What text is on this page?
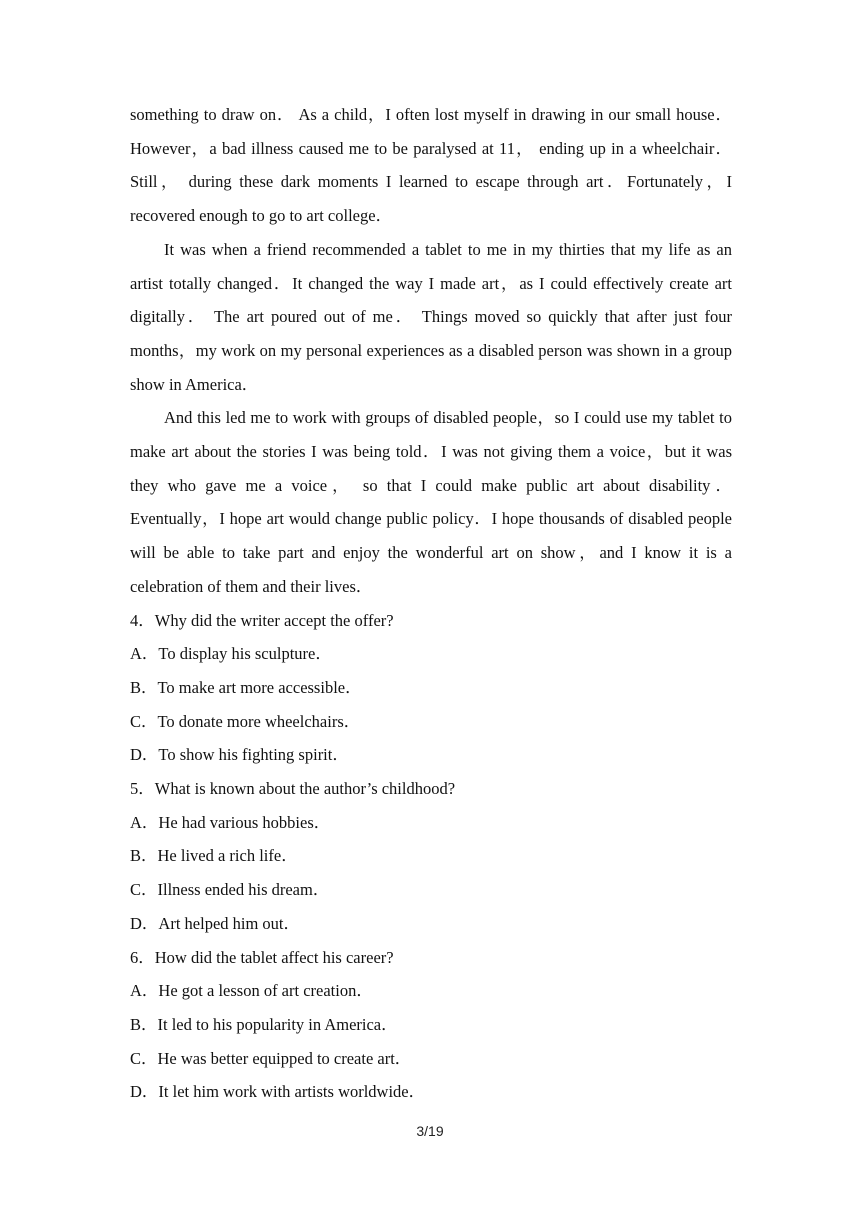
something to draw on． As a child，I often lost myself in drawing in our small house．However，a bad illness caused me to be paralysed at 11， ending up in a wheelchair． Still， during these dark moments I learned to escape through art．Fortunately，I recovered enough to go to art college．

It was when a friend recommended a tablet to me in my thirties that my life as an artist totally changed．It changed the way I made art，as I could effectively create art digitally． The art poured out of me． Things moved so quickly that after just four months，my work on my personal experiences as a disabled person was shown in a group show in America．

And this led me to work with groups of disabled people，so I could use my tablet to make art about the stories I was being told．I was not giving them a voice，but it was they who gave me a voice， so that I could make public art about disability．Eventually，I hope art would change public policy．I hope thousands of disabled people will be able to take part and enjoy the wonderful art on show，and I know it is a celebration of them and their lives．

4．Why did the writer accept the offer?

A．To display his sculpture．

B．To make art more accessible．

C．To donate more wheelchairs．

D．To show his fighting spirit．

5．What is known about the author’s childhood?

A．He had various hobbies．

B．He lived a rich life．

C．Illness ended his dream．

D．Art helped him out．

6．How did the tablet affect his career?

A．He got a lesson of art creation．

B．It led to his popularity in America．

C．He was better equipped to create art．

D．It let him work with artists worldwide．

3/19
